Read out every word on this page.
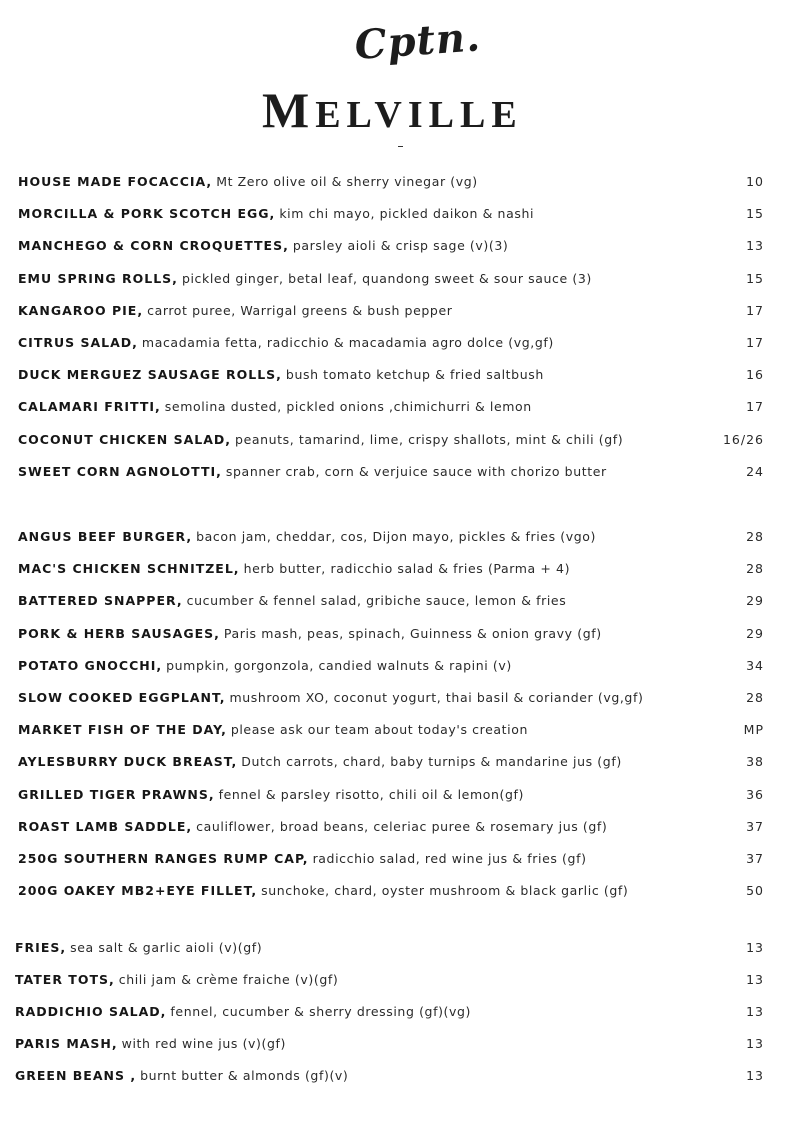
Cptn.
MELVILLE
HOUSE MADE FOCACCIA, Mt Zero olive oil & sherry vinegar (vg)	10
MORCILLA & PORK SCOTCH EGG, kim chi mayo, pickled daikon & nashi	15
MANCHEGO & CORN CROQUETTES, parsley aioli & crisp sage (v)(3)	13
EMU SPRING ROLLS, pickled ginger, betal leaf, quandong sweet & sour sauce (3)	15
KANGAROO PIE, carrot puree, Warrigal greens & bush pepper	17
CITRUS SALAD, macadamia fetta, radicchio & macadamia agro dolce (vg,gf)	17
DUCK MERGUEZ SAUSAGE ROLLS, bush tomato ketchup & fried saltbush	16
CALAMARI FRITTI, semolina dusted, pickled onions ,chimichurri & lemon	17
COCONUT CHICKEN SALAD, peanuts, tamarind, lime, crispy shallots, mint & chili (gf)	16/26
SWEET CORN AGNOLOTTI, spanner crab, corn & verjuice sauce with chorizo butter	24
ANGUS BEEF BURGER, bacon jam, cheddar, cos, Dijon mayo, pickles & fries (vgo)	28
MAC'S CHICKEN SCHNITZEL, herb butter, radicchio salad & fries (Parma + 4)	28
BATTERED SNAPPER, cucumber & fennel salad, gribiche sauce, lemon & fries	29
PORK & HERB SAUSAGES, Paris mash, peas, spinach, Guinness & onion gravy (gf)	29
POTATO GNOCCHI, pumpkin, gorgonzola, candied walnuts & rapini (v)	34
SLOW COOKED EGGPLANT, mushroom XO, coconut yogurt, thai basil & coriander (vg,gf)	28
MARKET FISH OF THE DAY, please ask our team about today's creation	MP
AYLESBURRY DUCK BREAST, Dutch carrots, chard, baby turnips & mandarine jus (gf)	38
GRILLED TIGER PRAWNS, fennel & parsley risotto, chili oil & lemon(gf)	36
ROAST LAMB SADDLE, cauliflower, broad beans, celeriac puree & rosemary jus (gf)	37
250G SOUTHERN RANGES RUMP CAP, radicchio salad, red wine jus & fries (gf)	37
200G OAKEY MB2+EYE FILLET, sunchoke, chard, oyster mushroom & black garlic (gf)	50
FRIES, sea salt & garlic aioli (v)(gf)	13
TATER TOTS, chili jam & crème fraiche (v)(gf)	13
RADDICHIO SALAD, fennel, cucumber & sherry dressing (gf)(vg)	13
PARIS MASH, with red wine jus (v)(gf)	13
GREEN BEANS , burnt butter & almonds (gf)(v)	13
